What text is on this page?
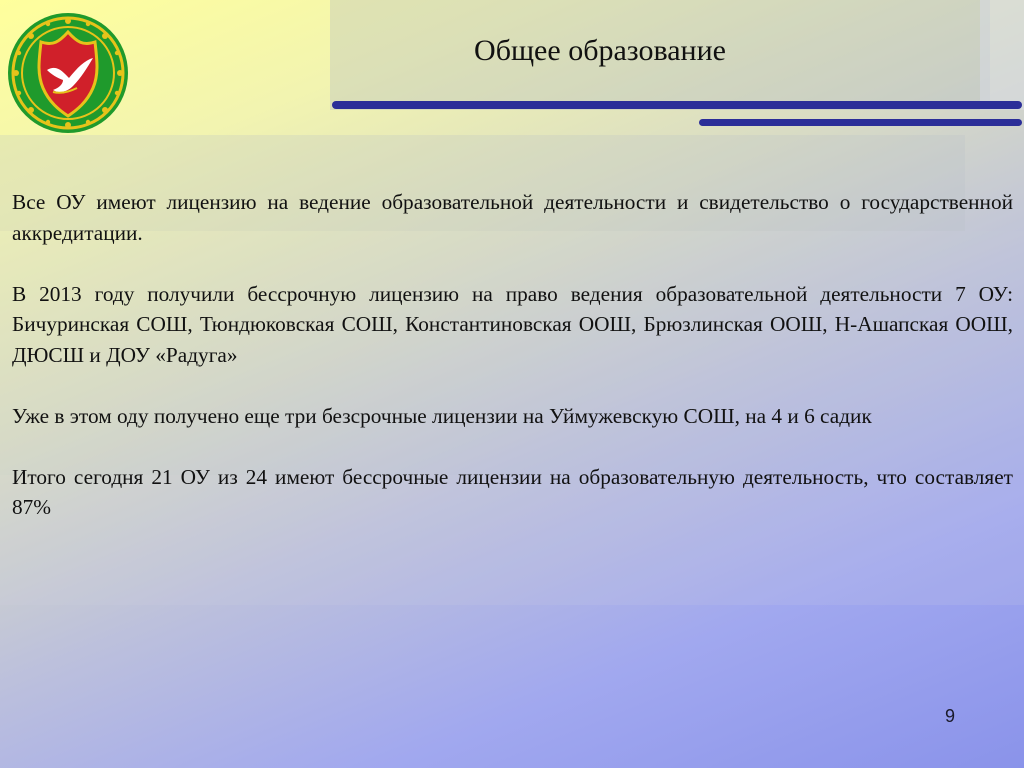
Общее образование

Все ОУ имеют лицензию на ведение образовательной деятельности и свидетельство о государственной аккредитации.

В 2013 году получили бессрочную лицензию на право ведения образовательной деятельности 7 ОУ: Бичуринская СОШ, Тюндюковская СОШ, Константиновская ООШ, Брюзлинская ООШ, Н-Ашапская ООШ, ДЮСШ и ДОУ «Радуга»

Уже в этом оду получено еще три безсрочные лицензии на Уймужевскую СОШ, на 4 и 6 садик

Итого сегодня 21 ОУ из 24 имеют бессрочные лицензии на образовательную деятельность, что составляет 87%

9
